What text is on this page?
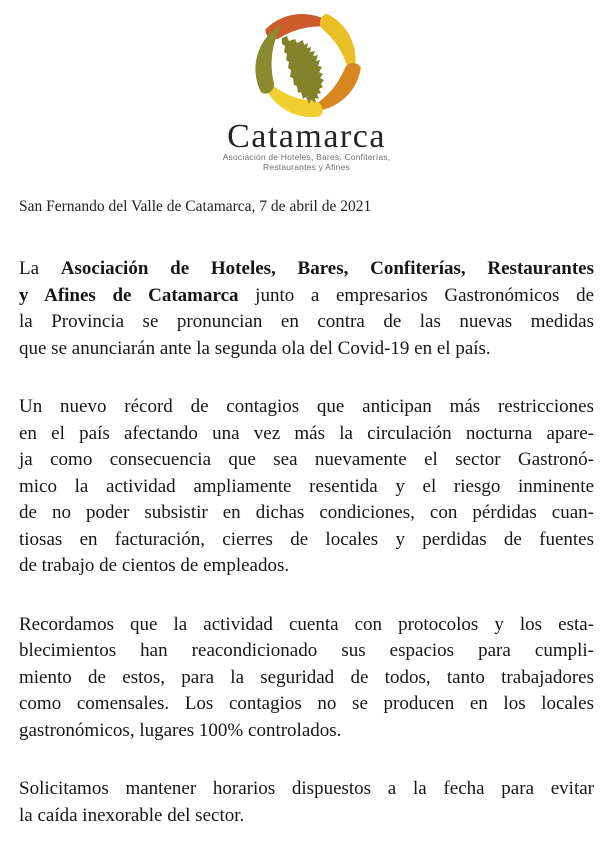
Catamarca
Asociación de Hoteles, Bares, Confiterías,
Restaurantes y Afines
San Fernando del Valle de Catamarca, 7 de abril de 2021
La Asociación de Hoteles, Bares, Confiterías, Restaurantes
y Afines de Catamarca junto a empresarios Gastronómicos de
la Provincia se pronuncian en contra de las nuevas medidas
que se anunciarán ante la segunda ola del Covid-19 en el país.
Un nuevo récord de contagios que anticipan más restricciones
en el país afectando una vez más la circulación nocturna apare-
ja como consecuencia que sea nuevamente el sector Gastronó-
mico la actividad ampliamente resentida y el riesgo inminente
de no poder subsistir en dichas condiciones, con pérdidas cuan-
tiosas en facturación, cierres de locales y perdidas de fuentes
de trabajo de cientos de empleados.
Recordamos que la actividad cuenta con protocolos y los esta-
blecimientos han reacondicionado sus espacios para cumpli-
miento de estos, para la seguridad de todos, tanto trabajadores
como comensales. Los contagios no se producen en los locales
gastronómicos, lugares 100% controlados.
Solicitamos mantener horarios dispuestos a la fecha para evitar
la caída inexorable del sector.
